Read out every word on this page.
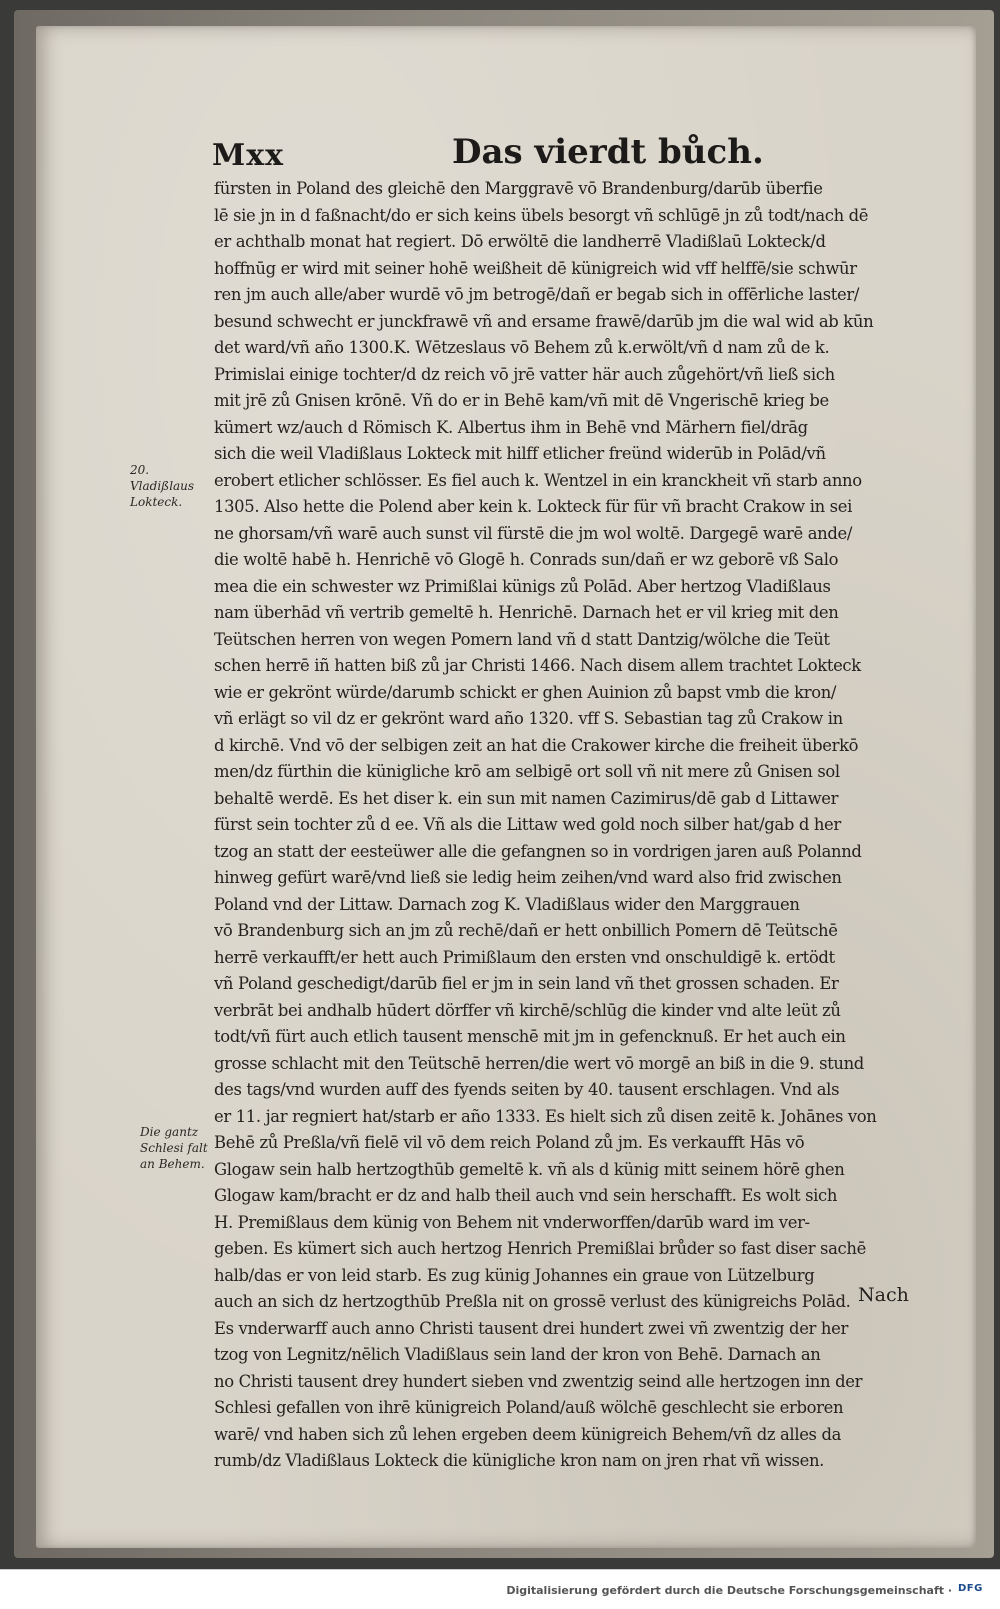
Mxx	Das vierdt bůch.
20.
Vladißlaus
Lokteck.
Die gantz
Schlesi falt
an Behem.
fürsten in Poland des gleichē den Marggravē vō Brandenburg/darūb überfie
lē sie jn in d faßnacht/do er sich keins übels besorgt vñ schlūgē jn zů todt/nach dē
er achthalb monat hat regiert. Dō erwöltē die landherrē Vladißlaū Lokteck/d
hoffnūg er wird mit seiner hohē weißheit dē künigreich wid vff helffē/sie schwūr
ren jm auch alle/aber wurdē vō jm betrogē/dañ er begab sich in offērliche laster/
besund schwecht er junckfrawē vñ and ersame frawē/darūb jm die wal wid ab kūn
det ward/vñ año 1300.K. Wētzeslaus vō Behem zů k.erwölt/vñ d nam zů de k.
Primislai einige tochter/d dz reich vō jrē vatter här auch zůgehört/vñ ließ sich
mit jrē zů Gnisen krōnē. Vñ do er in Behē kam/vñ mit dē Vngerischē krieg be
kümert wz/auch d Römisch K. Albertus ihm in Behē vnd Märhern fiel/drāg
sich die weil Vladißlaus Lokteck mit hilff etlicher freünd widerūb in Polād/vñ
erobert etlicher schlösser. Es fiel auch k. Wentzel in ein kranckheit vñ starb anno
1305. Also hette die Polend aber kein k. Lokteck für für vñ bracht Crakow in sei
ne ghorsam/vñ warē auch sunst vil fürstē die jm wol woltē. Dargegē warē ande/
die woltē habē h. Henrichē vō Glogē h. Conrads sun/dañ er wz geborē vß Salo
mea die ein schwester wz Primißlai künigs zů Polād. Aber hertzog Vladißlaus
nam überhād vñ vertrib gemeltē h. Henrichē. Darnach het er vil krieg mit den
Teütschen herren von wegen Pomern land vñ d statt Dantzig/wölche die Teüt
schen herrē iñ hatten biß zů jar Christi 1466. Nach disem allem trachtet Lokteck
wie er gekrönt würde/darumb schickt er ghen Auinion zů bapst vmb die kron/
vñ erlägt so vil dz er gekrönt ward año 1320. vff S. Sebastian tag zů Crakow in
d kirchē. Vnd vō der selbigen zeit an hat die Crakower kirche die freiheit überkō
men/dz fürthin die künigliche krō am selbigē ort soll vñ nit mere zů Gnisen sol
behaltē werdē. Es het diser k. ein sun mit namen Cazimirus/dē gab d Littawer
fürst sein tochter zů d ee. Vñ als die Littaw wed gold noch silber hat/gab d her
tzog an statt der eesteüwer alle die gefangnen so in vordrigen jaren auß Polannd
hinweg gefürt warē/vnd ließ sie ledig heim zeihen/vnd ward also frid zwischen
Poland vnd der Littaw. Darnach zog K. Vladißlaus wider den Marggrauen
vō Brandenburg sich an jm zů rechē/dañ er hett onbillich Pomern dē Teütschē
herrē verkaufft/er hett auch Primißlaum den ersten vnd onschuldigē k. ertödt
vñ Poland geschedigt/darūb fiel er jm in sein land vñ thet grossen schaden. Er
verbrāt bei andhalb hūdert dörffer vñ kirchē/schlūg die kinder vnd alte leüt zů
todt/vñ fürt auch etlich tausent menschē mit jm in gefencknuß. Er het auch ein
grosse schlacht mit den Teütschē herren/die wert vō morgē an biß in die 9. stund
des tags/vnd wurden auff des fyends seiten by 40. tausent erschlagen. Vnd als
er 11. jar regniert hat/starb er año 1333. Es hielt sich zů disen zeitē k. Johānes von
Behē zů Preßla/vñ fielē vil vō dem reich Poland zů jm. Es verkaufft Hās vō
Glogaw sein halb hertzogthūb gemeltē k. vñ als d künig mitt seinem hörē ghen
Glogaw kam/bracht er dz and halb theil auch vnd sein herschafft. Es wolt sich
H. Premißlaus dem künig von Behem nit vnderworffen/darūb ward im ver-
geben. Es kümert sich auch hertzog Henrich Premißlai brůder so fast diser sachē
halb/das er von leid starb. Es zug künig Johannes ein graue von Lützelburg
auch an sich dz hertzogthūb Preßla nit on grossē verlust des künigreichs Polād.
Es vnderwarff auch anno Christi tausent drei hundert zwei vñ zwentzig der her
tzog von Legnitz/nēlich Vladißlaus sein land der kron von Behē. Darnach an
no Christi tausent drey hundert sieben vnd zwentzig seind alle hertzogen inn der
Schlesi gefallen von ihrē künigreich Poland/auß wölchē geschlecht sie erboren
warē/ vnd haben sich zů lehen ergeben deem künigreich Behem/vñ dz alles da
rumb/dz Vladißlaus Lokteck die künigliche kron nam on jren rhat vñ wissen.
Nach
Digitalisierung gefördert durch die Deutsche Forschungsgemeinschaft · DFG
